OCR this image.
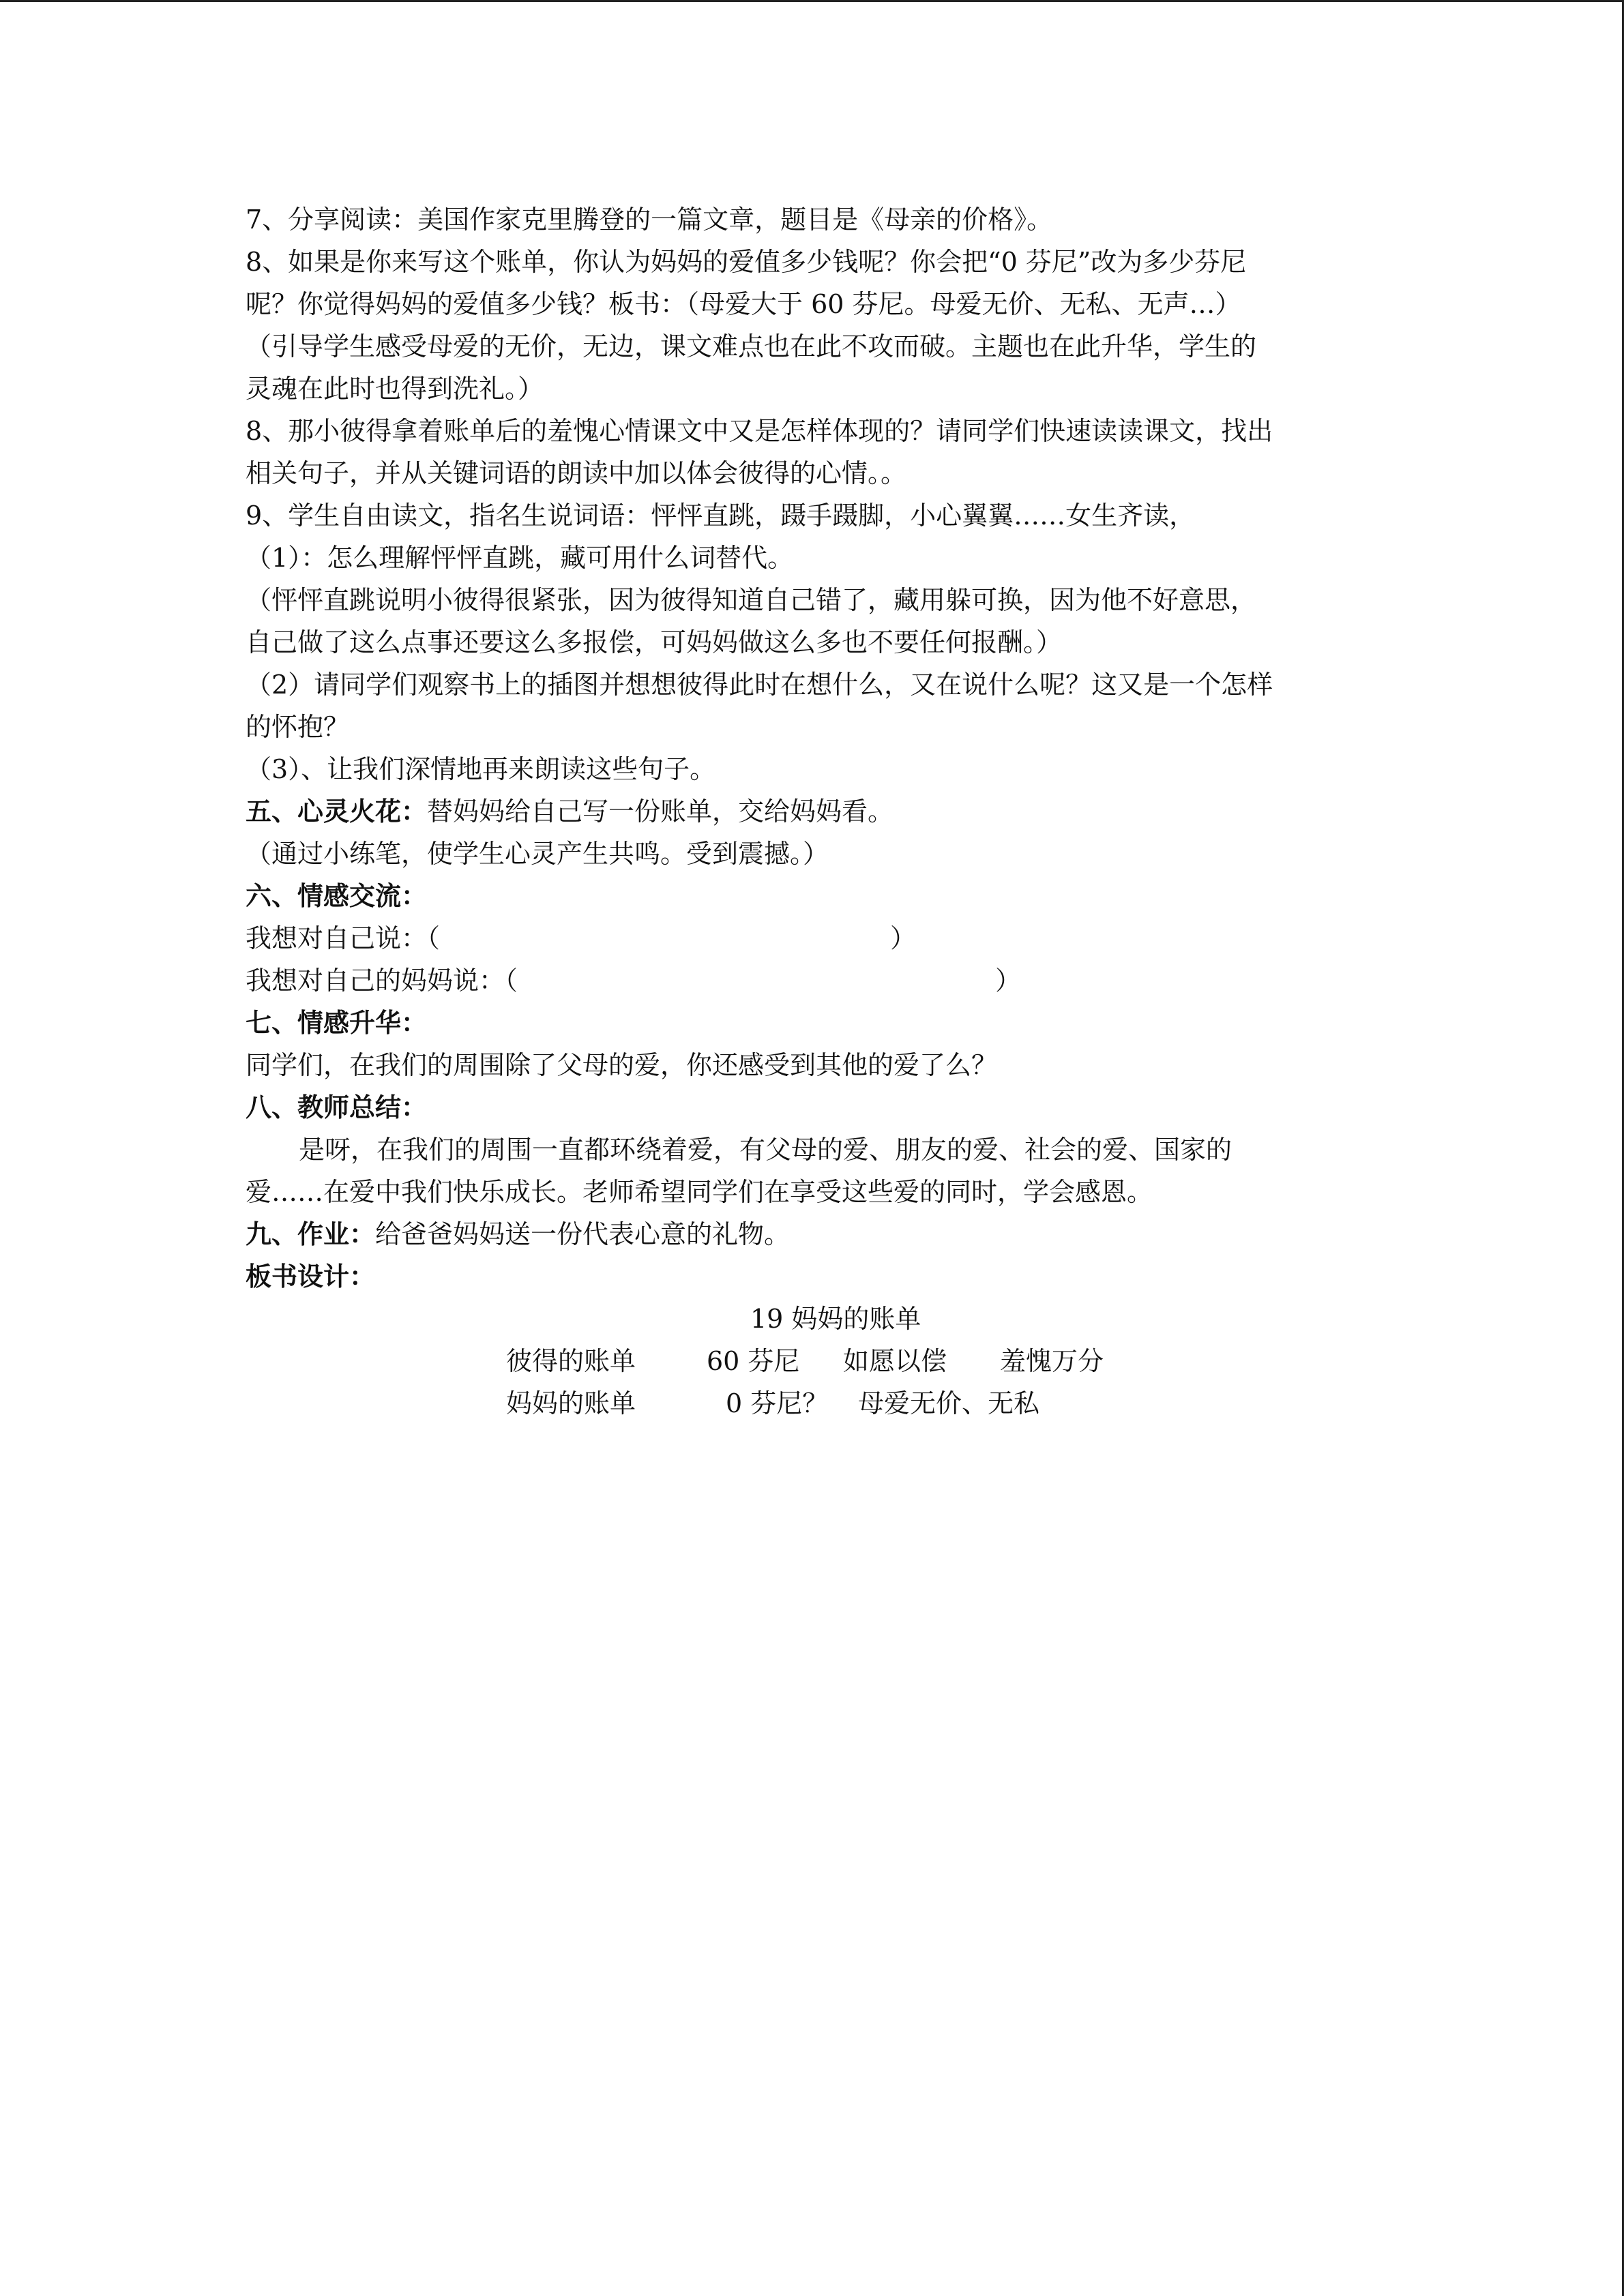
7、分享阅读：美国作家克里腾登的一篇文章，题目是《母亲的价格》。
8、如果是你来写这个账单，你认为妈妈的爱值多少钱呢？你会把“0 芬尼”改为多少芬尼
呢？你觉得妈妈的爱值多少钱？板书：（母爱大于 60 芬尼。母爱无价、无私、无声…）
（引导学生感受母爱的无价，无边，课文难点也在此不攻而破。主题也在此升华，学生的
灵魂在此时也得到洗礼。）
8、那小彼得拿着账单后的羞愧心情课文中又是怎样体现的？请同学们快速读读课文，找出
相关句子，并从关键词语的朗读中加以体会彼得的心情。。
9、学生自由读文，指名生说词语：怦怦直跳，蹑手蹑脚，小心翼翼……女生齐读，
（1）：怎么理解怦怦直跳，藏可用什么词替代。
（怦怦直跳说明小彼得很紧张，因为彼得知道自己错了，藏用躲可换，因为他不好意思，
自己做了这么点事还要这么多报偿，可妈妈做这么多也不要任何报酬。）
（2）请同学们观察书上的插图并想想彼得此时在想什么，又在说什么呢？这又是一个怎样
的怀抱？
（3）、让我们深情地再来朗读这些句子。
五、心灵火花：替妈妈给自己写一份账单，交给妈妈看。
（通过小练笔，使学生心灵产生共鸣。受到震撼。）
六、情感交流：
我想对自己说：（	）
我想对自己的妈妈说：（	）
七、情感升华：
同学们，在我们的周围除了父母的爱，你还感受到其他的爱了么？
八、教师总结：
是呀，在我们的周围一直都环绕着爱，有父母的爱、朋友的爱、社会的爱、国家的
爱……在爱中我们快乐成长。老师希望同学们在享受这些爱的同时，学会感恩。
九、作业：给爸爸妈妈送一份代表心意的礼物。
板书设计：
19 妈妈的账单
彼得的账单	60 芬尼 如愿以偿 羞愧万分
妈妈的账单	0 芬尼？ 母爱无价、无私
